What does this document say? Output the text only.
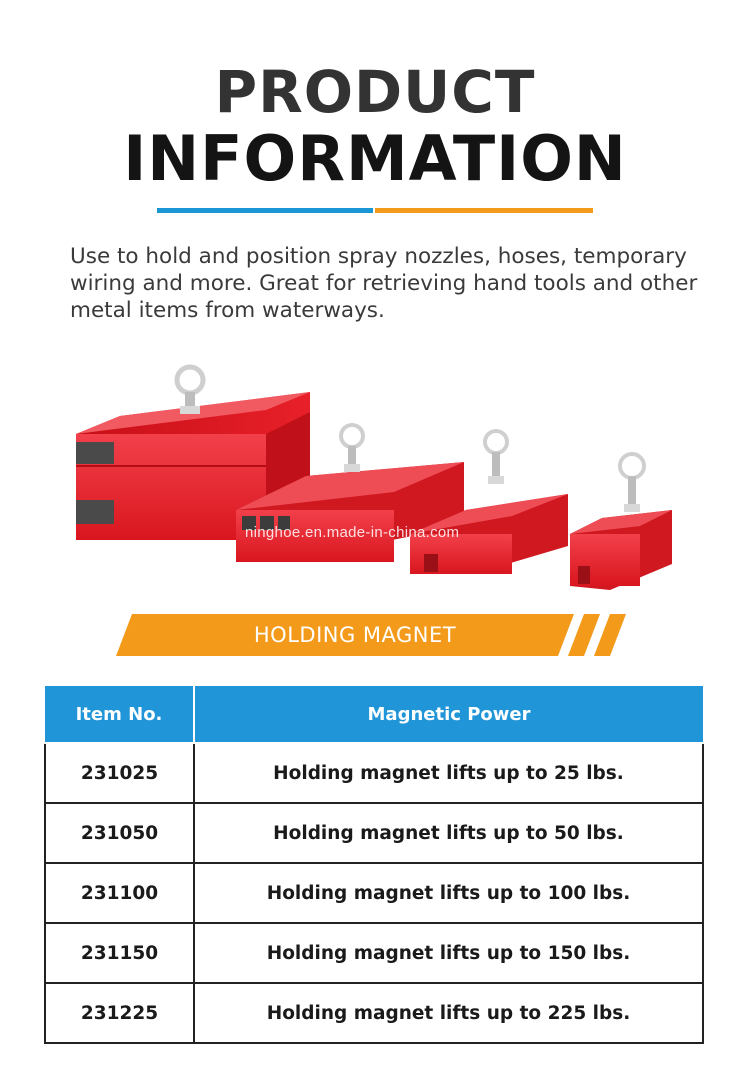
PRODUCT
INFORMATION

Use to hold and position spray nozzles, hoses, temporary wiring and more. Great for retrieving hand tools and other metal items from waterways.

ninghoe.en.made-in-china.com
HOLDING MAGNET
Item No.	Magnetic Power
231025	Holding magnet lifts up to 25 lbs.
231050	Holding magnet lifts up to 50 lbs.
231100	Holding magnet lifts up to 100 lbs.
231150	Holding magnet lifts up to 150 lbs.
231225	Holding magnet lifts up to 225 lbs.
